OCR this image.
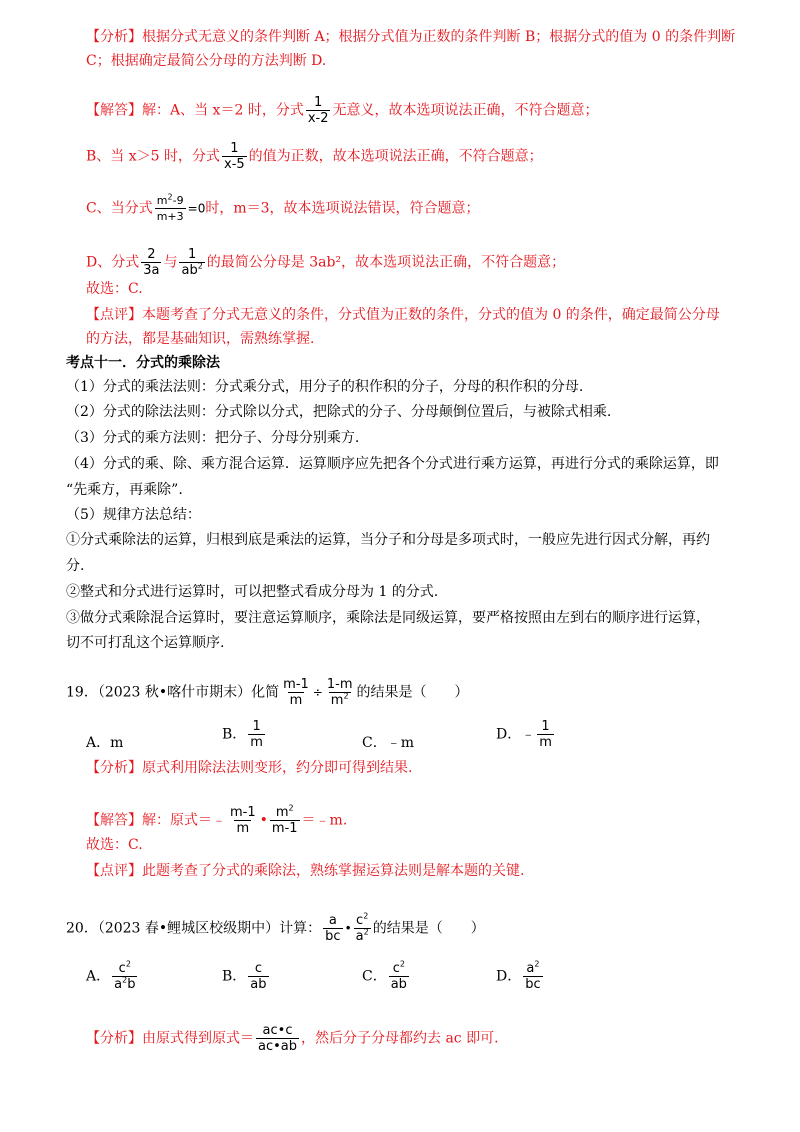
【分析】根据分式无意义的条件判断 A；根据分式值为正数的条件判断 B；根据分式的值为 0 的条件判断
C；根据确定最简公分母的方法判断 D.
【解答】解：A、当 x＝2 时，分式 $\frac{1}{x-2}$ 无意义，故本选项说法正确，不符合题意；
B、当 x＞5 时，分式 $\frac{1}{x-5}$ 的值为正数，故本选项说法正确，不符合题意；
C、当分式 $\frac{m^2-9}{m+3} =0$时，m＝3，故本选项说法错误，符合题意；
D、分式 $\frac{2}{3a}$ 与 $\frac{1}{ab^2}$ 的最简公分母是 3ab²，故本选项说法正确，不符合题意；
故选：C.
【点评】本题考查了分式无意义的条件，分式值为正数的条件，分式的值为 0 的条件，确定最简公分母
的方法，都是基础知识，需熟练掌握.
考点十一．分式的乘除法
（1）分式的乘法法则：分式乘分式，用分子的积作积的分子，分母的积作积的分母.
（2）分式的除法法则：分式除以分式，把除式的分子、分母颠倒位置后，与被除式相乘.
（3）分式的乘方法则：把分子、分母分别乘方.
（4）分式的乘、除、乘方混合运算．运算顺序应先把各个分式进行乘方运算，再进行分式的乘除运算，即
“先乘方，再乘除”.
（5）规律方法总结：
①分式乘除法的运算，归根到底是乘法的运算，当分子和分母是多项式时，一般应先进行因式分解，再约
分.
②整式和分式进行运算时，可以把整式看成分母为 1 的分式.
③做分式乘除混合运算时，要注意运算顺序，乘除法是同级运算，要严格按照由左到右的顺序进行运算，
切不可打乱这个运算顺序.
19．（2023 秋•喀什市期末）化简 $\frac{m-1}{m} \div \frac{1-m}{m^2}$ 的结果是（　　）
A．m
B． $\frac{1}{m}$	C．﹣m
D．﹣ $\frac{1}{m}$
【分析】原式利用除法法则变形，约分即可得到结果.
【解答】解：原式＝﹣ $\frac{m-1}{m}$ • $\frac{m^2}{m-1}$ ＝﹣m.
故选：C.
【点评】此题考查了分式的乘除法，熟练掌握运算法则是解本题的关键.
20．（2023 春•鲤城区校级期中）计算： $\frac{a}{bc}$ • $\frac{c^2}{a^2}$ 的结果是（　　）
A． $\frac{c^2}{a^2b}$	B． $\frac{c}{ab}$	C． $\frac{c^2}{ab}$	D． $\frac{a^2}{bc}$
【分析】由原式得到原式＝ $\frac{ac•c}{ac•ab}$ ，然后分子分母都约去 ac 即可.
